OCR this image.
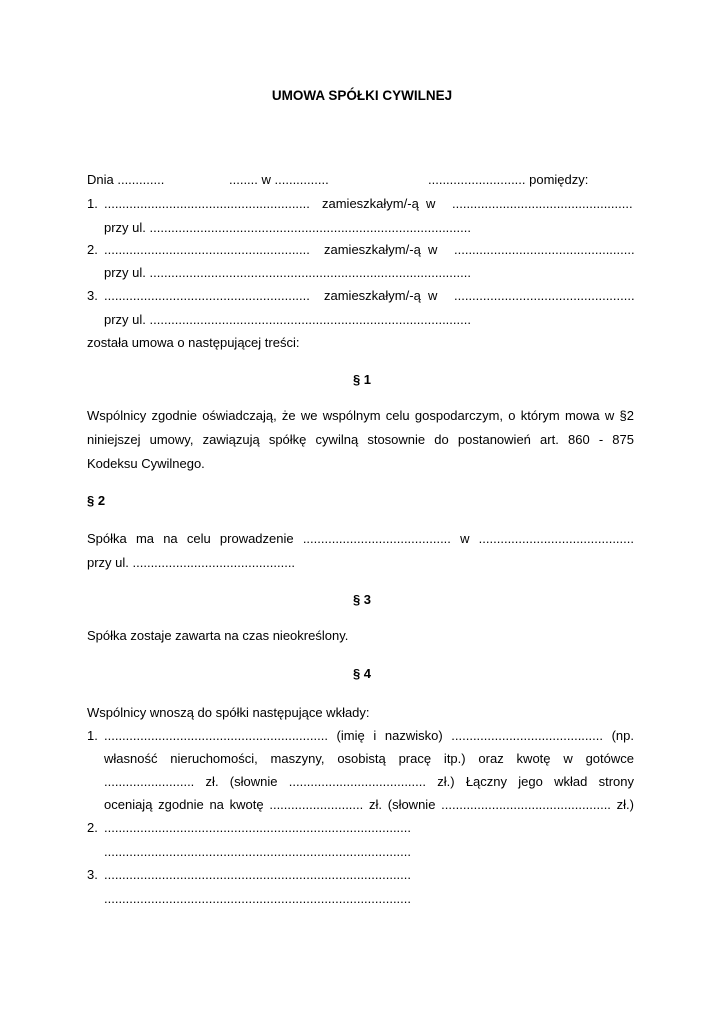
UMOWA SPÓŁKI CYWILNEJ
Dnia .............	........ w ...............	........................... pomiędzy:
1. ......................................................... zamieszkałym/-ą  w ..................................................
przy ul. .........................................................................................
2. ......................................................... zamieszkałym/-ą  w ..................................................
przy ul. .........................................................................................
3. ......................................................... zamieszkałym/-ą  w ..................................................
przy ul. .........................................................................................
została umowa o następującej treści:
§ 1
Wspólnicy zgodnie oświadczają, że we wspólnym celu gospodarczym, o którym mowa w §2
niniejszej umowy, zawiązują spółkę cywilną stosownie do postanowień art. 860 - 875
Kodeksu Cywilnego.
§ 2
Spółka ma na celu prowadzenie ......................................... w ...........................................
przy ul. .............................................
§ 3
Spółka zostaje zawarta na czas nieokreślony.
§ 4
Wspólnicy wnoszą do spółki następujące wkłady:
1. .............................................................. (imię i nazwisko) .......................................... (np.
własność nieruchomości, maszyny, osobistą pracę itp.) oraz kwotę w gotówce
......................... zł. (słownie ...................................... zł.) Łączny jego wkład strony
oceniają zgodnie na kwotę .......................... zł. (słownie ............................................... zł.)
2. .....................................................................................
.....................................................................................
3. .....................................................................................
.....................................................................................
